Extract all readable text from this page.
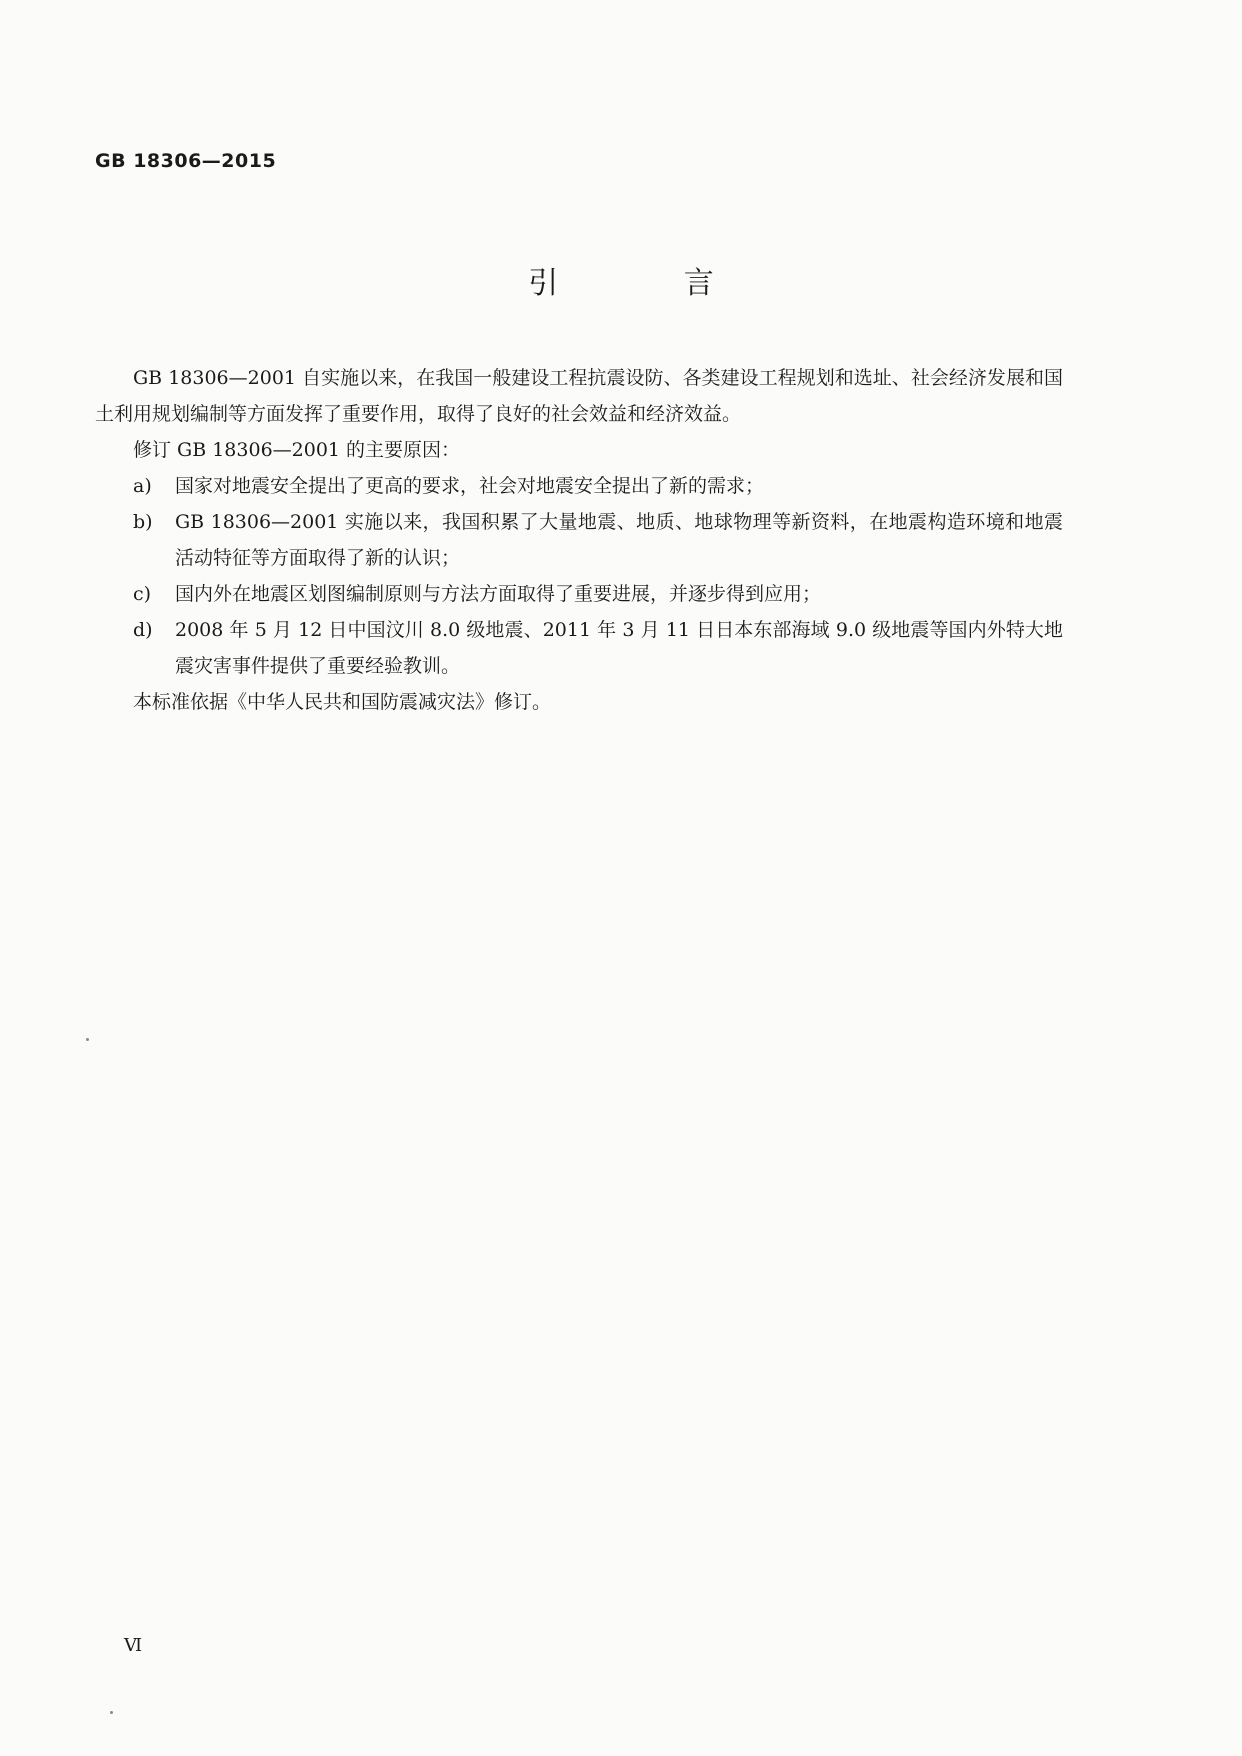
GB 18306—2015
引 言

GB 18306—2001 自实施以来，在我国一般建设工程抗震设防、各类建设工程规划和选址、社会经济发展和国土利用规划编制等方面发挥了重要作用，取得了良好的社会效益和经济效益。

修订 GB 18306—2001 的主要原因：

a)	国家对地震安全提出了更高的要求，社会对地震安全提出了新的需求；
b)	GB 18306—2001 实施以来，我国积累了大量地震、地质、地球物理等新资料，在地震构造环境和地震活动特征等方面取得了新的认识；
c)	国内外在地震区划图编制原则与方法方面取得了重要进展，并逐步得到应用；
d)	2008 年 5 月 12 日中国汶川 8.0 级地震、2011 年 3 月 11 日日本东部海域 9.0 级地震等国内外特大地震灾害事件提供了重要经验教训。

本标准依据《中华人民共和国防震减灾法》修订。

Ⅵ
